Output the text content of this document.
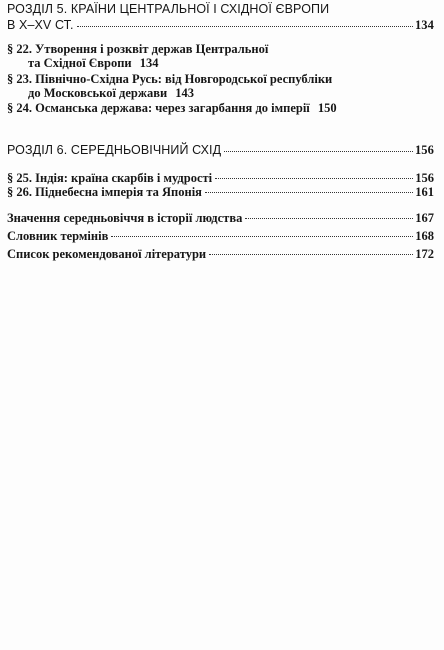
РОЗДІЛ 5. КРАЇНИ ЦЕНТРАЛЬНОЇ І СХІДНОЇ ЄВРОПИ
В Х–XV СТ.	134
§ 22. Утворення і розквіт держав Центральної
та Східної Європи 134
§ 23. Північно-Східна Русь: від Новгородської республіки
до Московської держави 143
§ 24. Османська держава: через загарбання до імперії 150
РОЗДІЛ 6. СЕРЕДНЬОВІЧНИЙ СХІД	156
§ 25. Індія: країна скарбів і мудрості	156
§ 26. Піднебесна імперія та Японія	161
Значення середньовіччя в історії людства	167
Словник термінів	168
Список рекомендованої літератури	172
